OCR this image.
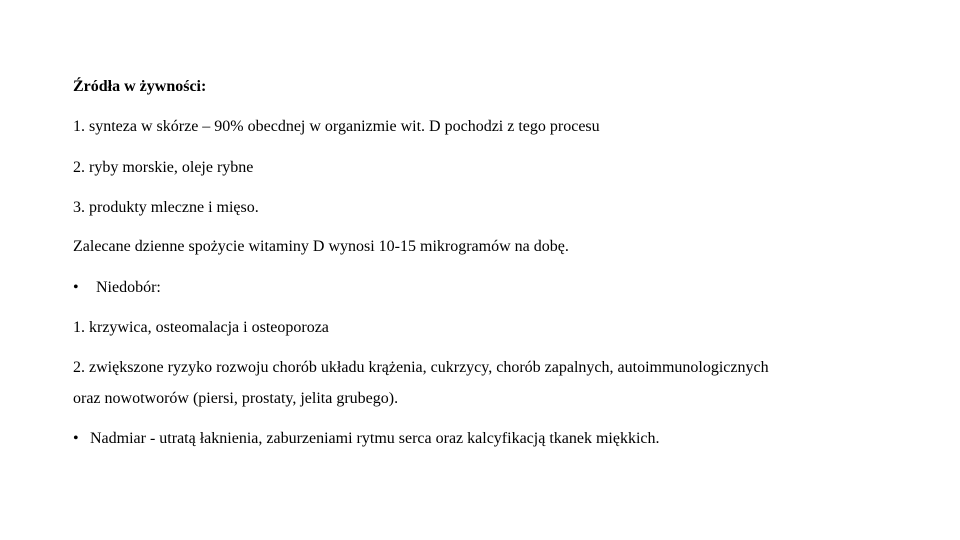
Źródła w żywności:
1. synteza w skórze – 90% obecdnej w organizmie wit. D pochodzi z tego procesu
2. ryby morskie, oleje rybne
3. produkty mleczne i mięso.
Zalecane dzienne spożycie witaminy D wynosi 10-15 mikrogramów na dobę.
• Niedobór:
1. krzywica, osteomalacja i osteoporoza
2. zwiększone ryzyko rozwoju chorób układu krążenia, cukrzycy, chorób zapalnych, autoimmunologicznych
oraz nowotworów (piersi, prostaty, jelita grubego).
• Nadmiar - utratą łaknienia, zaburzeniami rytmu serca oraz kalcyfikacją tkanek miękkich.
